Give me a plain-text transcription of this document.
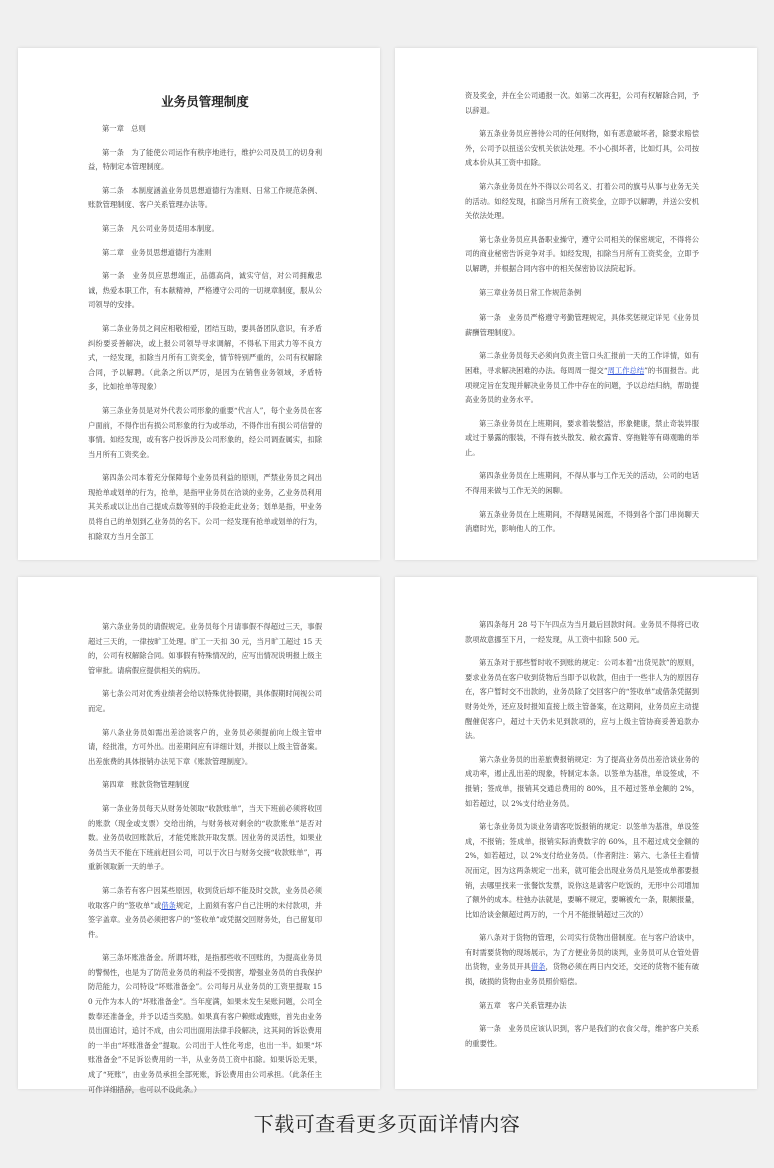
业务员管理制度

第一章　总则

第一条　为了能使公司运作有秩序地进行，维护公司及员工的切身利益，特制定本管理制度。

第二条　本制度涵盖业务员思想道德行为准则、日常工作规范条例、账款管理制度、客户关系管理办法等。

第三条　凡公司业务员适用本制度。

第二章　业务员思想道德行为准则

第一条　业务员应思想端正，品德高尚，诚实守信，对公司拥戴忠诚，热爱本职工作，有本献精神，严格遵守公司的一切规章制度，服从公司领导的安排。

第二条业务员之间应相敬相爱，团结互助，要具备团队意识，有矛盾纠纷要妥善解决，或上报公司领导寻求调解，不得私下用武力等不良方式，一经发现，扣除当月所有工资奖金，情节特别严重的，公司有权解除合同，予以解聘。（此条之所以严厉，是因为在销售业务领域，矛盾特多，比如抢单等现象）

第三条业务员是对外代表公司形象的重要“代言人”，每个业务员在客户面前，不得作出有损公司形象的行为或举动，不得作出有损公司信誉的事情。如经发现，或有客户投诉涉及公司形象的，经公司调查属实，扣除当月所有工资奖金。

第四条公司本着充分保障每个业务员利益的原则，严禁业务员之间出现抢单或划单的行为，抢单，是指甲业务员在洽谈的业务，乙业务员利用其关系或以让出自己提成点数等别的手段抢走此业务；划单是指，甲业务员将自己的单划到乙业务员的名下。公司一经发现有抢单或划单的行为，扣除双方当月全部工

资及奖金，并在全公司通报一次。如第二次再犯，公司有权解除合同，予以辞退。

第五条业务员应善待公司的任何财物，如有恶意破坏者，除要求赔偿外，公司予以扭送公安机关依法处理。不小心损坏者，比如灯具，公司按成本价从其工资中扣除。

第六条业务员在外不得以公司名义、打着公司的旗号从事与业务无关的活动。如经发现，扣除当月所有工资奖金，立即予以解聘，并送公安机关依法处理。

第七条业务员应具备职业操守，遵守公司相关的保密规定，不得将公司的商业秘密告诉竞争对手。如经发现，扣除当月所有工资奖金，立即予以解聘，并根据合同内容中的相关保密协议法院起诉。

第三章业务员日常工作规范条例

第一条　业务员严格遵守考勤管理规定，具体奖惩规定详见《业务员薪酬管理制度》。

第二条业务员每天必须向负责主管口头汇报前一天的工作详情，如有困难，寻求解决困难的办法。每周周一提交“周工作总结”的书面报告。此项规定旨在发现并解决业务员工作中存在的问题，予以总结归纳，帮助提高业务员的业务水平。

第三条业务员在上班期间，要求着装整洁，形象健康，禁止奇装异服或过于暴露的服装，不得有披头散发、敞衣露背、穿拖鞋等有碍观瞻的举止。

第四条业务员在上班期间，不得从事与工作无关的活动，公司的电话不得用来做与工作无关的闲聊。

第五条业务员在上班期间，不得瞎晃闲逛，不得到各个部门串岗聊天消磨时光，影响他人的工作。

第六条业务员的请假规定。业务员每个月请事假不得超过三天，事假超过三天的，一律按旷工处理。旷工一天扣 30 元，当月旷工超过 15 天的，公司有权解除合同。如事假有特殊情况的，应写出情况说明报上级主管审批。请病假应提供相关的病历。

第七条公司对优秀业绩者会给以特殊优待假期，具体假期时间视公司而定。

第八条业务员如需出差洽谈客户的，业务员必须提前向上级主管申请，经批准，方可外出。出差期间应有详细计划，并报以上级主管备案。出差旅费的具体报销办法见下章《账款管理制度》。

第四章　账款货物管理制度

第一条业务员每天从财务处领取“收款账单”，当天下班前必须将收回的账款（现金或支票）交给出纳，与财务核对剩余的“收款账单”是否对数。业务员收回账款后，才能凭账款开取发票。因业务的灵活性，如果业务员当天不能在下班前赶回公司，可以于次日与财务交接“收款账单”，再重新领取新一天的单子。

第二条若有客户因某些原因，收到货后却不能及时交款，业务员必须收取客户的“签收单”或借条规定，上面须有客户自己注明的未付款项，并签字盖章。业务员必须把客户的“签收单”或凭据交回财务处，自己留复印件。

第三条坏账准备金。所谓坏账，是指那些收不回账的，为提高业务员的警惕性，也是为了防范业务员的利益不受损害，增强业务员的自我保护防范能力，公司特设“坏账准备金”。公司每月从业务员的工资里提取 150 元作为本人的“坏账准备金”。当年度满，如果未发生呆账问题，公司全数奉还准备金，并予以适当奖励。如果真有客户赖账或跑账，首先由业务员出面追讨，追讨不成，由公司出面用法律手段解决，这其间的诉讼费用的一半由“坏账准备金”提取。公司出于人性化考虑，也出一半。如果“坏账准备金”不足诉讼费用的一半，从业务员工资中扣除。如果诉讼无果，成了“死账”，由业务员承担全部死账，诉讼费用由公司承担。（此条任主可作详细措辞，也可以不设此条。）

第四条每月 28 号下午四点为当月最后回款时间。业务员不得将已收款项故意挪至下月，一经发现，从工资中扣除 500 元。

第五条对于那些暂时收不到账的规定：公司本着“出货见款”的原则，要求业务员在客户收到货物后当即予以收款，但由于一些非人为的原因存在，客户暂时交不出款的，业务员除了交回客户的“签收单”或借条凭据到财务处外，还应及时报知直接上级主管备案，在这期间，业务员应主动提醒催促客户，超过十天仍未见到款项的，应与上级主管协商妥善追款办法。

第六条业务员的出差旅费报销规定：为了提高业务员出差洽谈业务的成功率，遏止乱出差的现象，特制定本条。以签单为基准，单设签成，不报销；签成单，报销其交通总费用的 80%，且不超过签单金额的 2%，如若超过，以 2%支付给业务员。

第七条业务员为谈业务请客吃饭报销的规定：以签单为基准，单设签成，不报销；签成单，报销实际消费数字的 60%，且不超过成交金额的 2%，如若超过，以 2%支付给业务员。（作者附注：第六、七条任主看情况而定，因为这两条规定一出来，就可能会出现业务员凡是签成单都要报销，去哪里找来一张餐饮发票，说你这是请客户吃饭的，无形中公司增加了额外的成本。柱弛办法就是，要嘛不规定，要嘛被允一条，限额报量，比如洽谈金额超过两万的，一个月不能报销超过三次的）

第八条对于货物的管理，公司实行货物出借制度。在与客户洽谈中，有时需要货物的现场展示，为了方便业务员的谈判，业务员可从仓管处借出货物，业务员开具借条，货物必须在两日内交还，交还的货物不能有破损，破损的货物由业务员照价赔偿。

第五章　客户关系管理办法

第一条　业务员应该认识到，客户是我们的衣食父母，维护客户关系的重要性。

下载可查看更多页面详情内容
